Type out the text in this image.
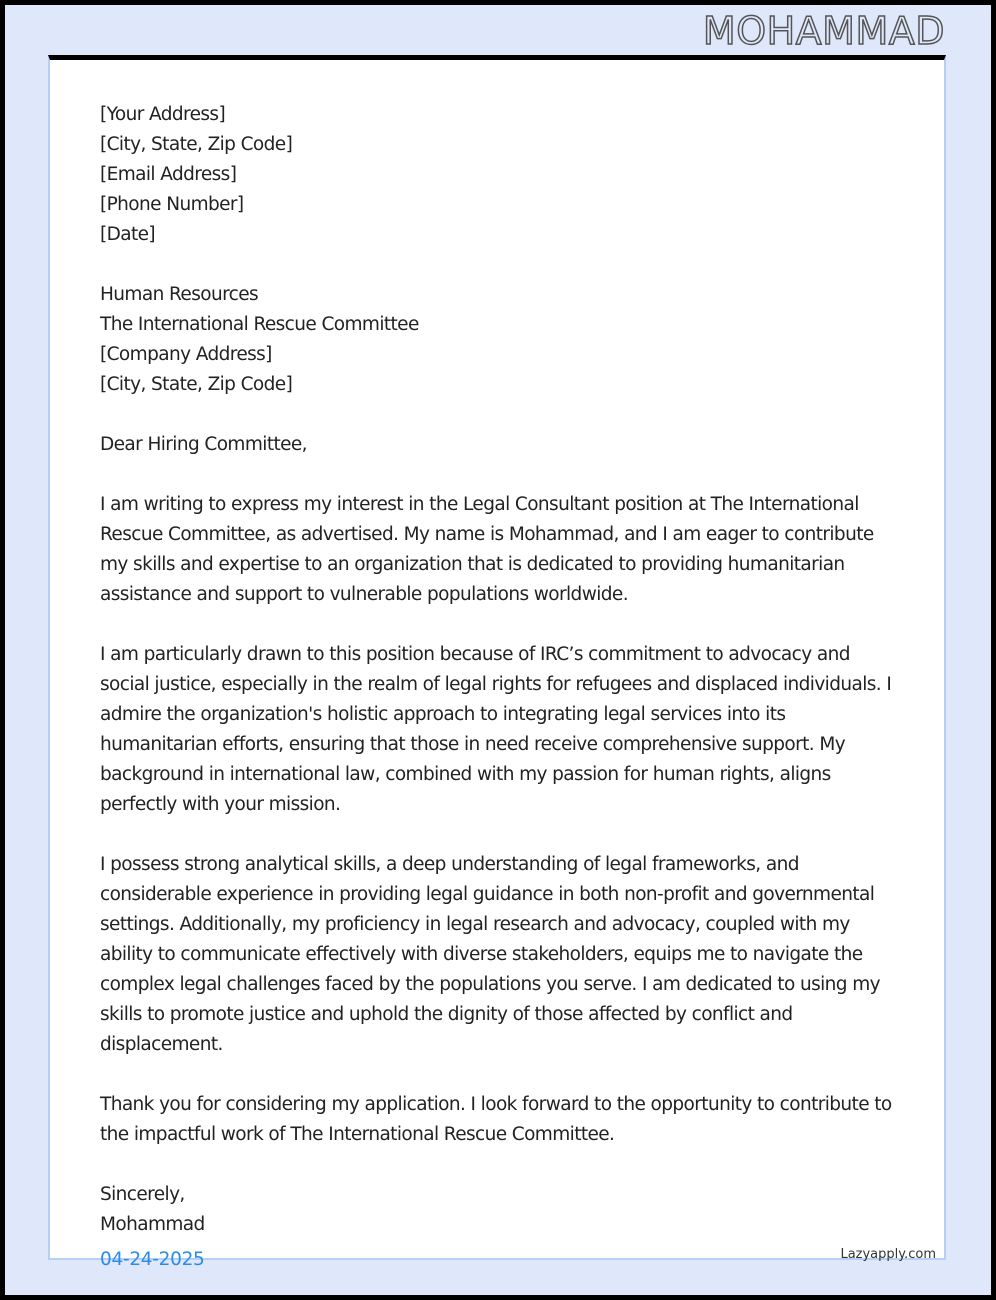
MOHAMMAD
[Your Address]
[City, State, Zip Code]
[Email Address]
[Phone Number]
[Date]
Human Resources
The International Rescue Committee
[Company Address]
[City, State, Zip Code]
Dear Hiring Committee,
I am writing to express my interest in the Legal Consultant position at The International Rescue Committee, as advertised. My name is Mohammad, and I am eager to contribute my skills and expertise to an organization that is dedicated to providing humanitarian assistance and support to vulnerable populations worldwide.
I am particularly drawn to this position because of IRC’s commitment to advocacy and social justice, especially in the realm of legal rights for refugees and displaced individuals. I admire the organization's holistic approach to integrating legal services into its humanitarian efforts, ensuring that those in need receive comprehensive support. My background in international law, combined with my passion for human rights, aligns perfectly with your mission.
I possess strong analytical skills, a deep understanding of legal frameworks, and considerable experience in providing legal guidance in both non-profit and governmental settings. Additionally, my proficiency in legal research and advocacy, coupled with my ability to communicate effectively with diverse stakeholders, equips me to navigate the complex legal challenges faced by the populations you serve. I am dedicated to using my skills to promote justice and uphold the dignity of those affected by conflict and displacement.
Thank you for considering my application. I look forward to the opportunity to contribute to the impactful work of The International Rescue Committee.
Sincerely,
Mohammad
04-24-2025	Lazyapply.com
